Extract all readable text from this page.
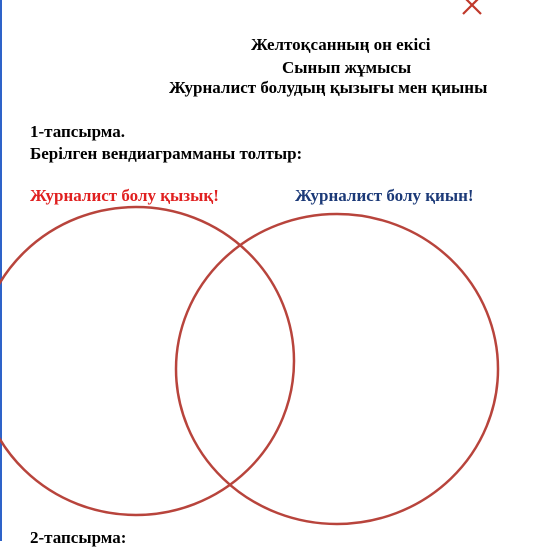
Желтоқсанның он екісі
Сынып жұмысы
Журналист болудың қызығы мен қиыны
1-тапсырма.
Берілген вендиаграмманы толтыр:
Журналист болу қызық!	Журналист болу қиын!
2-тапсырма:
